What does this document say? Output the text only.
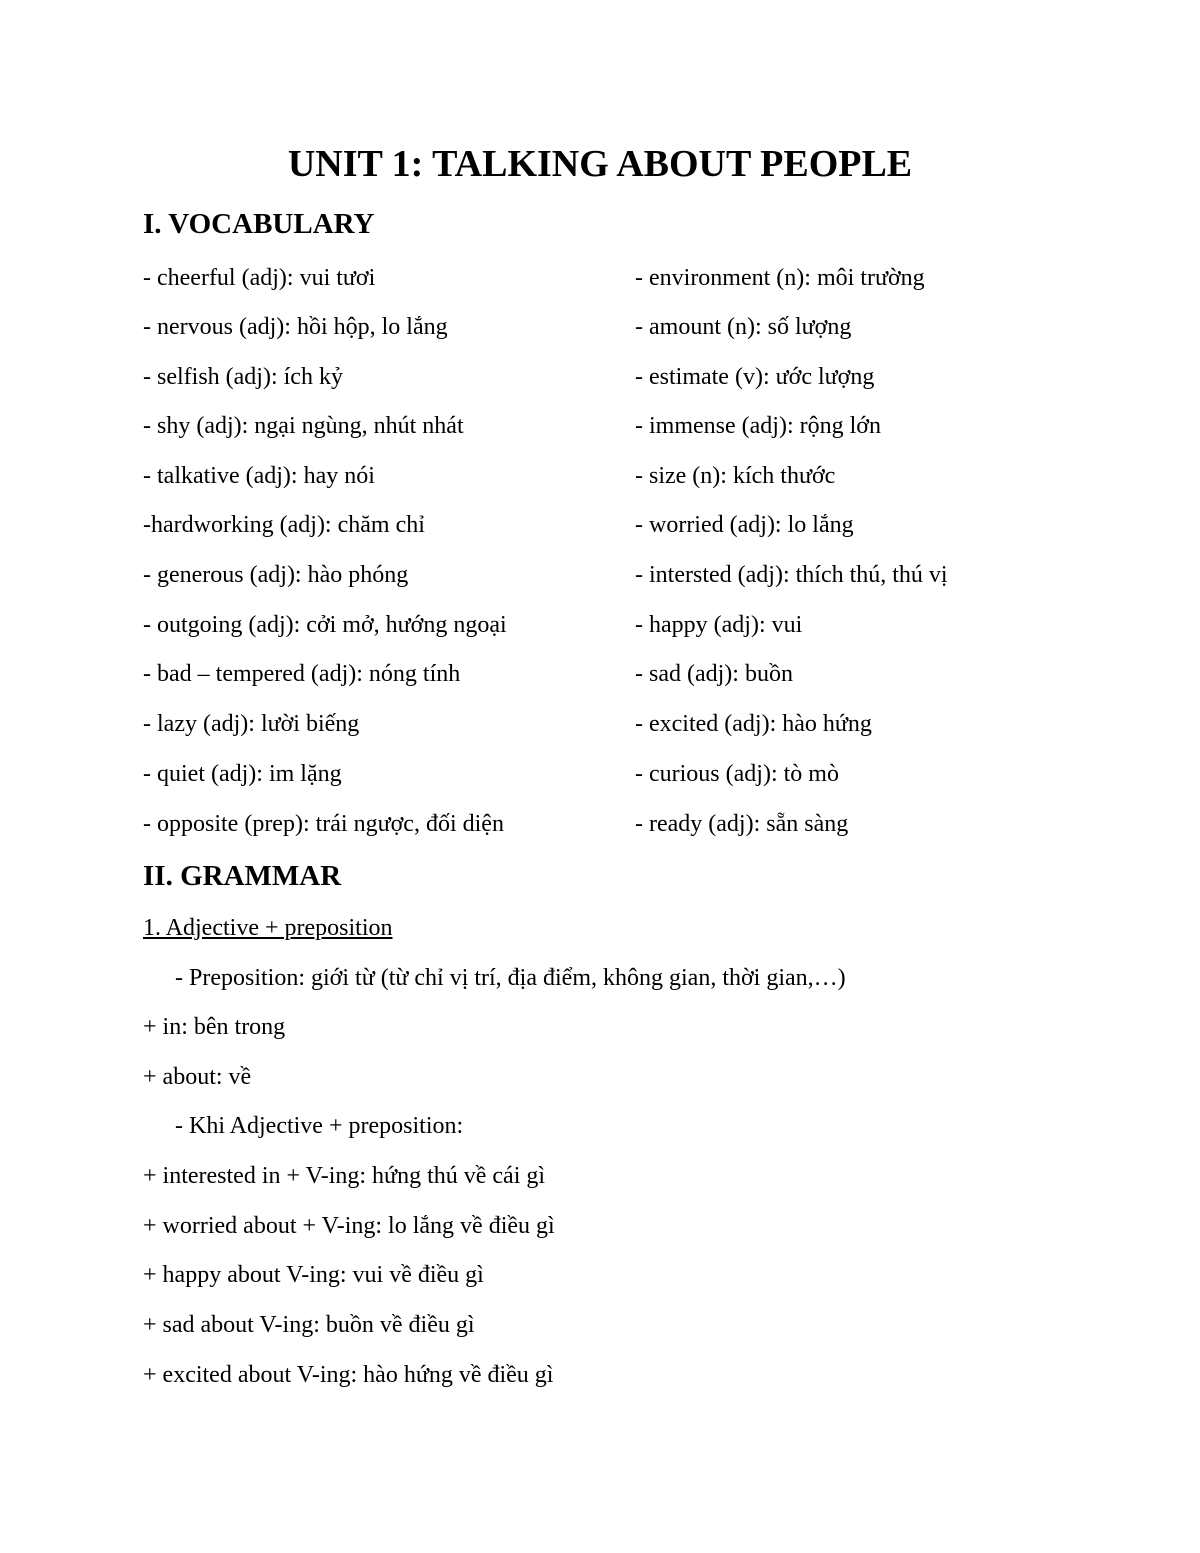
UNIT 1: TALKING ABOUT PEOPLE
I. VOCABULARY
- cheerful (adj): vui tươi
- nervous (adj): hồi hộp, lo lắng
- selfish (adj): ích kỷ
- shy (adj): ngại ngùng, nhút nhát
- talkative (adj): hay nói
-hardworking (adj): chăm chỉ
- generous (adj): hào phóng
- outgoing (adj): cởi mở, hướng ngoại
- bad – tempered (adj): nóng tính
- lazy (adj): lười biếng
- quiet (adj): im lặng
- opposite (prep): trái ngược, đối diện
- environment (n): môi trường
- amount (n): số lượng
- estimate (v): ước lượng
- immense (adj): rộng lớn
- size (n): kích thước
- worried (adj): lo lắng
- intersted (adj): thích thú, thú vị
- happy (adj): vui
- sad (adj): buồn
- excited (adj): hào hứng
- curious (adj): tò mò
- ready (adj): sẵn sàng
II. GRAMMAR
1. Adjective + preposition
- Preposition: giới từ (từ chỉ vị trí, địa điểm, không gian, thời gian,…)
+ in: bên trong
+ about: về
- Khi Adjective + preposition:
+ interested in + V-ing: hứng thú về cái gì
+ worried about + V-ing: lo lắng về điều gì
+ happy about V-ing: vui về điều gì
+ sad about V-ing: buồn về điều gì
+ excited about V-ing: hào hứng về điều gì
